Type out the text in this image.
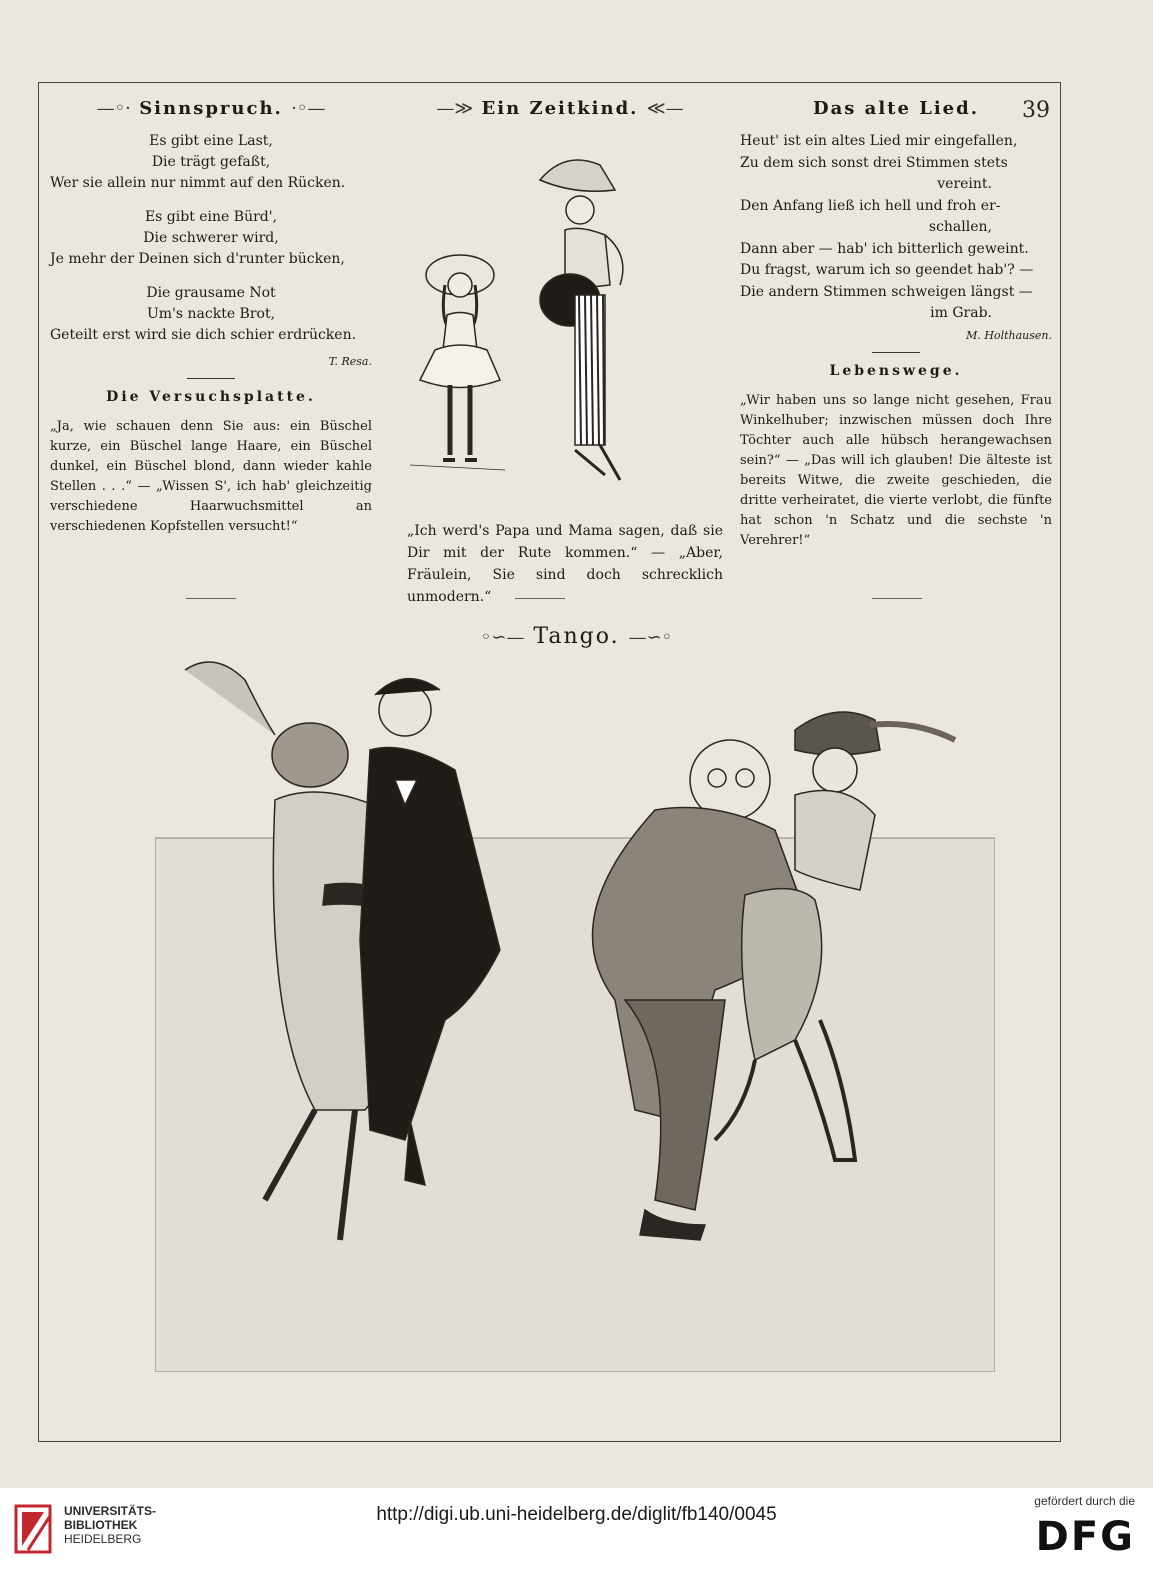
39
—◦· Sinnspruch. ·◦—
Es gibt eine Last,
Die trägt gefaßt,
Wer sie allein nur nimmt auf den Rücken.
Es gibt eine Bürd',
Die schwerer wird,
Je mehr der Deinen sich d'runter bücken,
Die grausame Not
Um's nackte Brot,
Geteilt erst wird sie dich schier erdrücken.
T. Resa.
Die Versuchsplatte.
„Ja, wie schauen denn Sie aus: ein Büschel kurze, ein Büschel lange Haare, ein Büschel dunkel, ein Büschel blond, dann wieder kahle Stellen . . .“ — „Wissen S', ich hab' gleichzeitig verschiedene Haarwuchsmittel an verschiedenen Kopfstellen versucht!“
—≫ Ein Zeitkind. ≪—
„Ich werd's Papa und Mama sagen, daß sie Dir mit der Rute kommen.“ — „Aber, Fräulein, Sie sind doch schrecklich unmodern.“
Das alte Lied.
Heut' ist ein altes Lied mir eingefallen,
Zu dem sich sonst drei Stimmen stets
vereint.
Den Anfang ließ ich hell und froh er-
schallen,
Dann aber — hab' ich bitterlich geweint.
Du fragst, warum ich so geendet hab'? —
Die andern Stimmen schweigen längst —
im Grab.
M. Holthausen.
Lebenswege.
„Wir haben uns so lange nicht gesehen, Frau Winkelhuber; inzwischen müssen doch Ihre Töchter auch alle hübsch herangewachsen sein?“ — „Das will ich glauben! Die älteste ist bereits Witwe, die zweite geschieden, die dritte verheiratet, die vierte verlobt, die fünfte hat schon 'n Schatz und die sechste 'n Verehrer!“
◦∽— Tango. —∽◦
UNIVERSITÄTS-
BIBLIOTHEK
HEIDELBERG
http://digi.ub.uni-heidelberg.de/diglit/fb140/0045
gefördert durch die
DFG
